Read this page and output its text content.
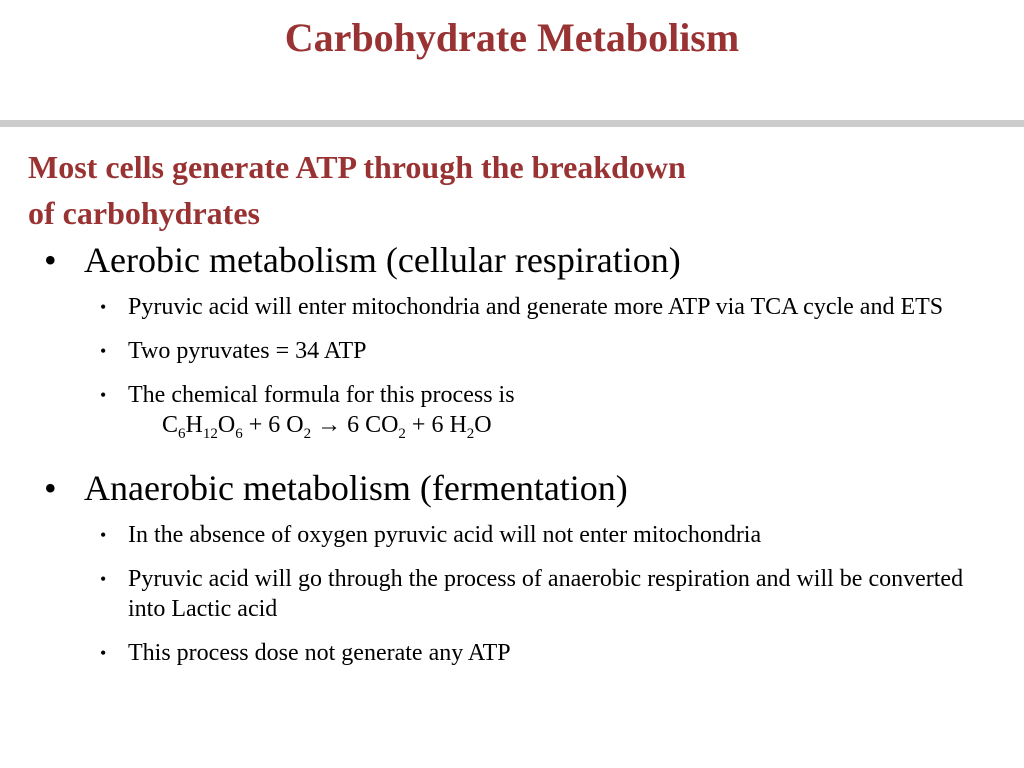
Carbohydrate Metabolism
Most cells generate ATP through the breakdown
of carbohydrates
• Aerobic metabolism (cellular respiration)
• Pyruvic acid will enter mitochondria and generate more ATP via TCA cycle and ETS
• Two pyruvates = 34 ATP
• The chemical formula for this process is
$C_6H_{12}O_6 + 6$ $O_2 \to 6$ $CO_2 + 6$ $H_2O$
• Anaerobic metabolism (fermentation)
• In the absence of oxygen pyruvic acid will not enter mitochondria
• Pyruvic acid will go through the process of anaerobic respiration and will be converted into Lactic acid
• This process dose not generate any ATP
